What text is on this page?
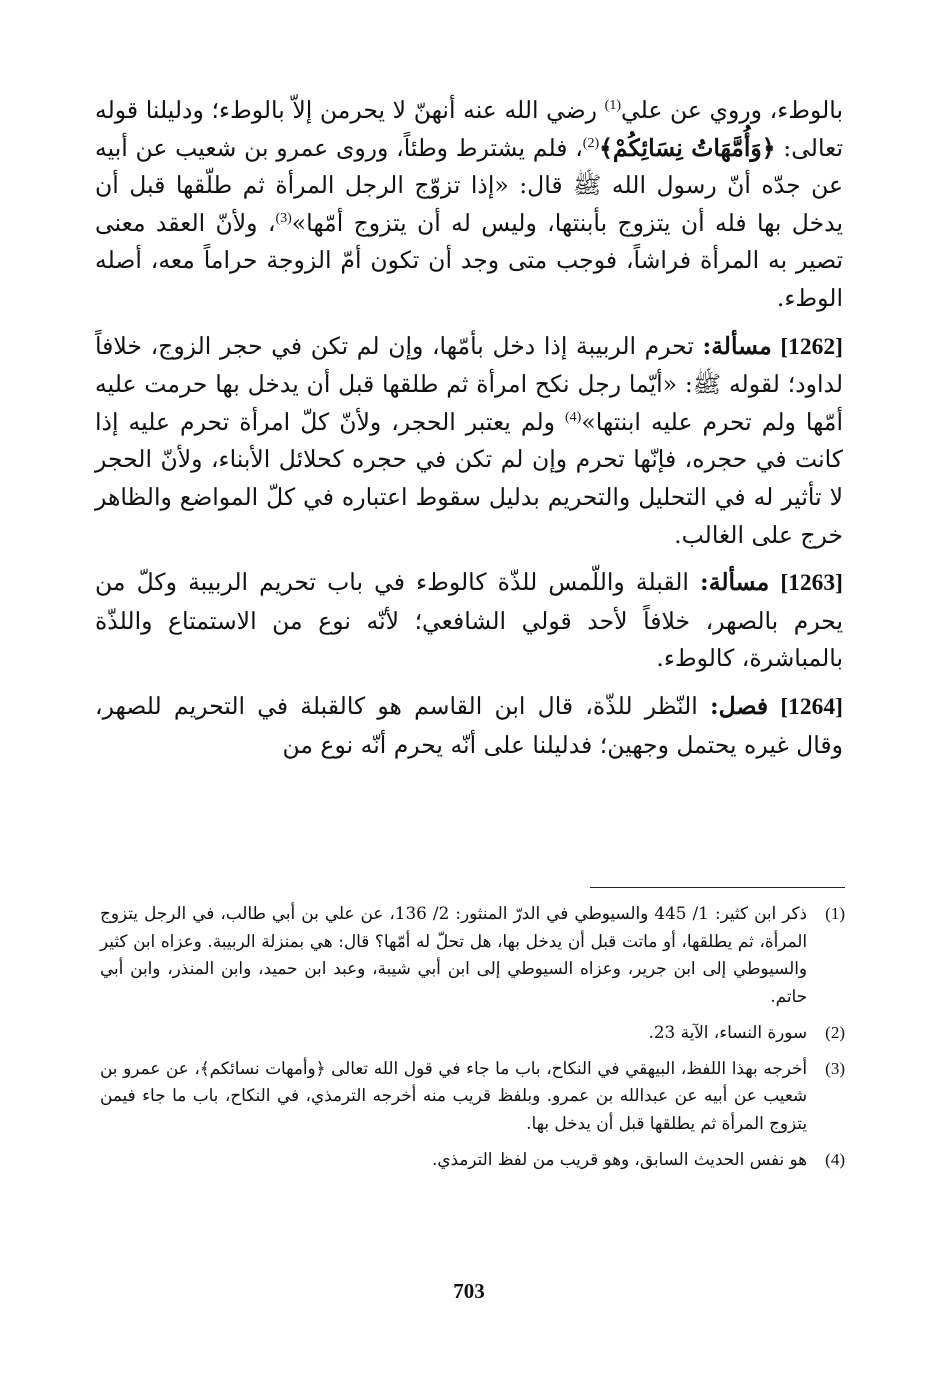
بالوطء، وروي عن علي$^{(1)}$ رضي الله عنه أنهنّ لا يحرمن إلاّ بالوطء؛ ودليلنا قوله تعالى: ﴿وَأُمَّهَاتُ نِسَائِكُمْ﴾$^{(2)}$، فلم يشترط وطئاً، وروى عمرو بن شعيب عن أبيه عن جدّه أنّ رسول الله ﷺ قال: «إذا تزوّج الرجل المرأة ثم طلّقها قبل أن يدخل بها فله أن يتزوج بأبنتها، وليس له أن يتزوج أمّها»$^{(3)}$، ولأنّ العقد معنى تصير به المرأة فراشاً، فوجب متى وجد أن تكون أمّ الزوجة حراماً معه، أصله الوطء.

[1262] مسألة: تحرم الربيبة إذا دخل بأمّها، وإن لم تكن في حجر الزوج، خلافاً لداود؛ لقوله ﷺ: «أيّما رجل نكح امرأة ثم طلقها قبل أن يدخل بها حرمت عليه أمّها ولم تحرم عليه ابنتها»$^{(4)}$ ولم يعتبر الحجر، ولأنّ كلّ امرأة تحرم عليه إذا كانت في حجره، فإنّها تحرم وإن لم تكن في حجره كحلائل الأبناء، ولأنّ الحجر لا تأثير له في التحليل والتحريم بدليل سقوط اعتباره في كلّ المواضع والظاهر خرج على الغالب.

[1263] مسألة: القبلة واللّمس للذّة كالوطء في باب تحريم الربيبة وكلّ من يحرم بالصهر، خلافاً لأحد قولي الشافعي؛ لأنّه نوع من الاستمتاع واللذّة بالمباشرة، كالوطء.

[1264] فصل: النّظر للذّة، قال ابن القاسم هو كالقبلة في التحريم للصهر، وقال غيره يحتمل وجهين؛ فدليلنا على أنّه يحرم أنّه نوع من

(1)
ذكر ابن كثير: 1/ 445 والسيوطي في الدرّ المنثور: 2/ 136، عن علي بن أبي طالب، في الرجل يتزوج المرأة، ثم يطلقها، أو ماتت قبل أن يدخل بها، هل تحلّ له أمّها؟ قال: هي بمنزلة الربيبة. وعزاه ابن كثير والسيوطي إلى ابن جرير، وعزاه السيوطي إلى ابن أبي شيبة، وعبد ابن حميد، وابن المنذر، وابن أبي حاتم.
(2)
سورة النساء، الآية 23.
(3)
أخرجه بهذا اللفظ، البيهقي في النكاح، باب ما جاء في قول الله تعالى ﴿وأمهات نسائكم﴾، عن عمرو بن شعيب عن أبيه عن عبدالله بن عمرو. وبلفظ قريب منه أخرجه الترمذي، في النكاح، باب ما جاء فيمن يتزوج المرأة ثم يطلقها قبل أن يدخل بها.
(4)
هو نفس الحديث السابق، وهو قريب من لفظ الترمذي.
703
